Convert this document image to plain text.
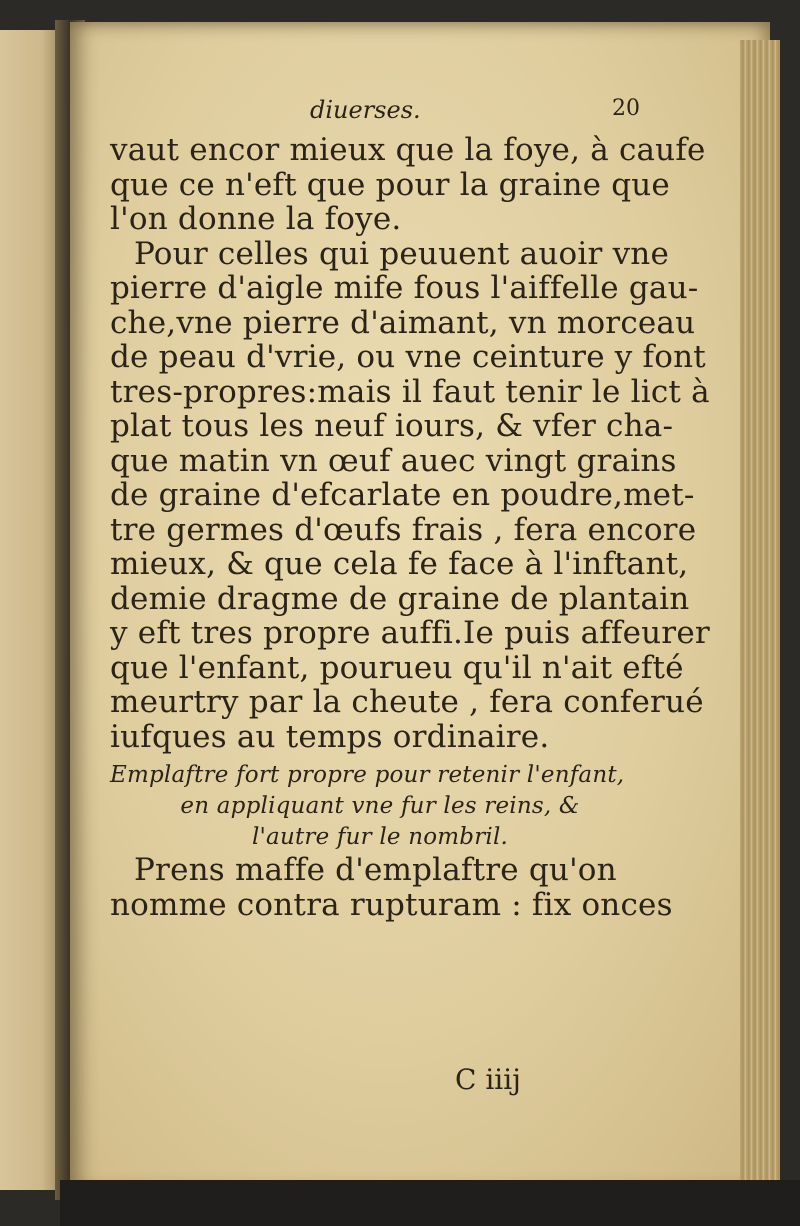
diuerses.	20
vaut encor mieux que la foye, à caufe
que ce n'eft que pour la graine que
l'on donne la foye.
Pour celles qui peuuent auoir vne
pierre d'aigle mife fous l'aiffelle gau-
che,vne pierre d'aimant, vn morceau
de peau d'vrie, ou vne ceinture y font
tres-propres:mais il faut tenir le lict à
plat tous les neuf iours, & vfer cha-
que matin vn œuf auec vingt grains
de graine d'efcarlate en poudre,met-
tre germes d'œufs frais , fera encore
mieux, & que cela fe face à l'inftant,
demie dragme de graine de plantain
y eft tres propre auffi.Ie puis affeurer
que l'enfant, pourueu qu'il n'ait efté
meurtry par la cheute , fera conferué
iufques au temps ordinaire.
Emplaftre fort propre pour retenir l'enfant,
en appliquant vne fur les reins, &
l'autre fur le nombril.
Prens maffe d'emplaftre qu'on
nomme contra rupturam : fix onces
C iiij
